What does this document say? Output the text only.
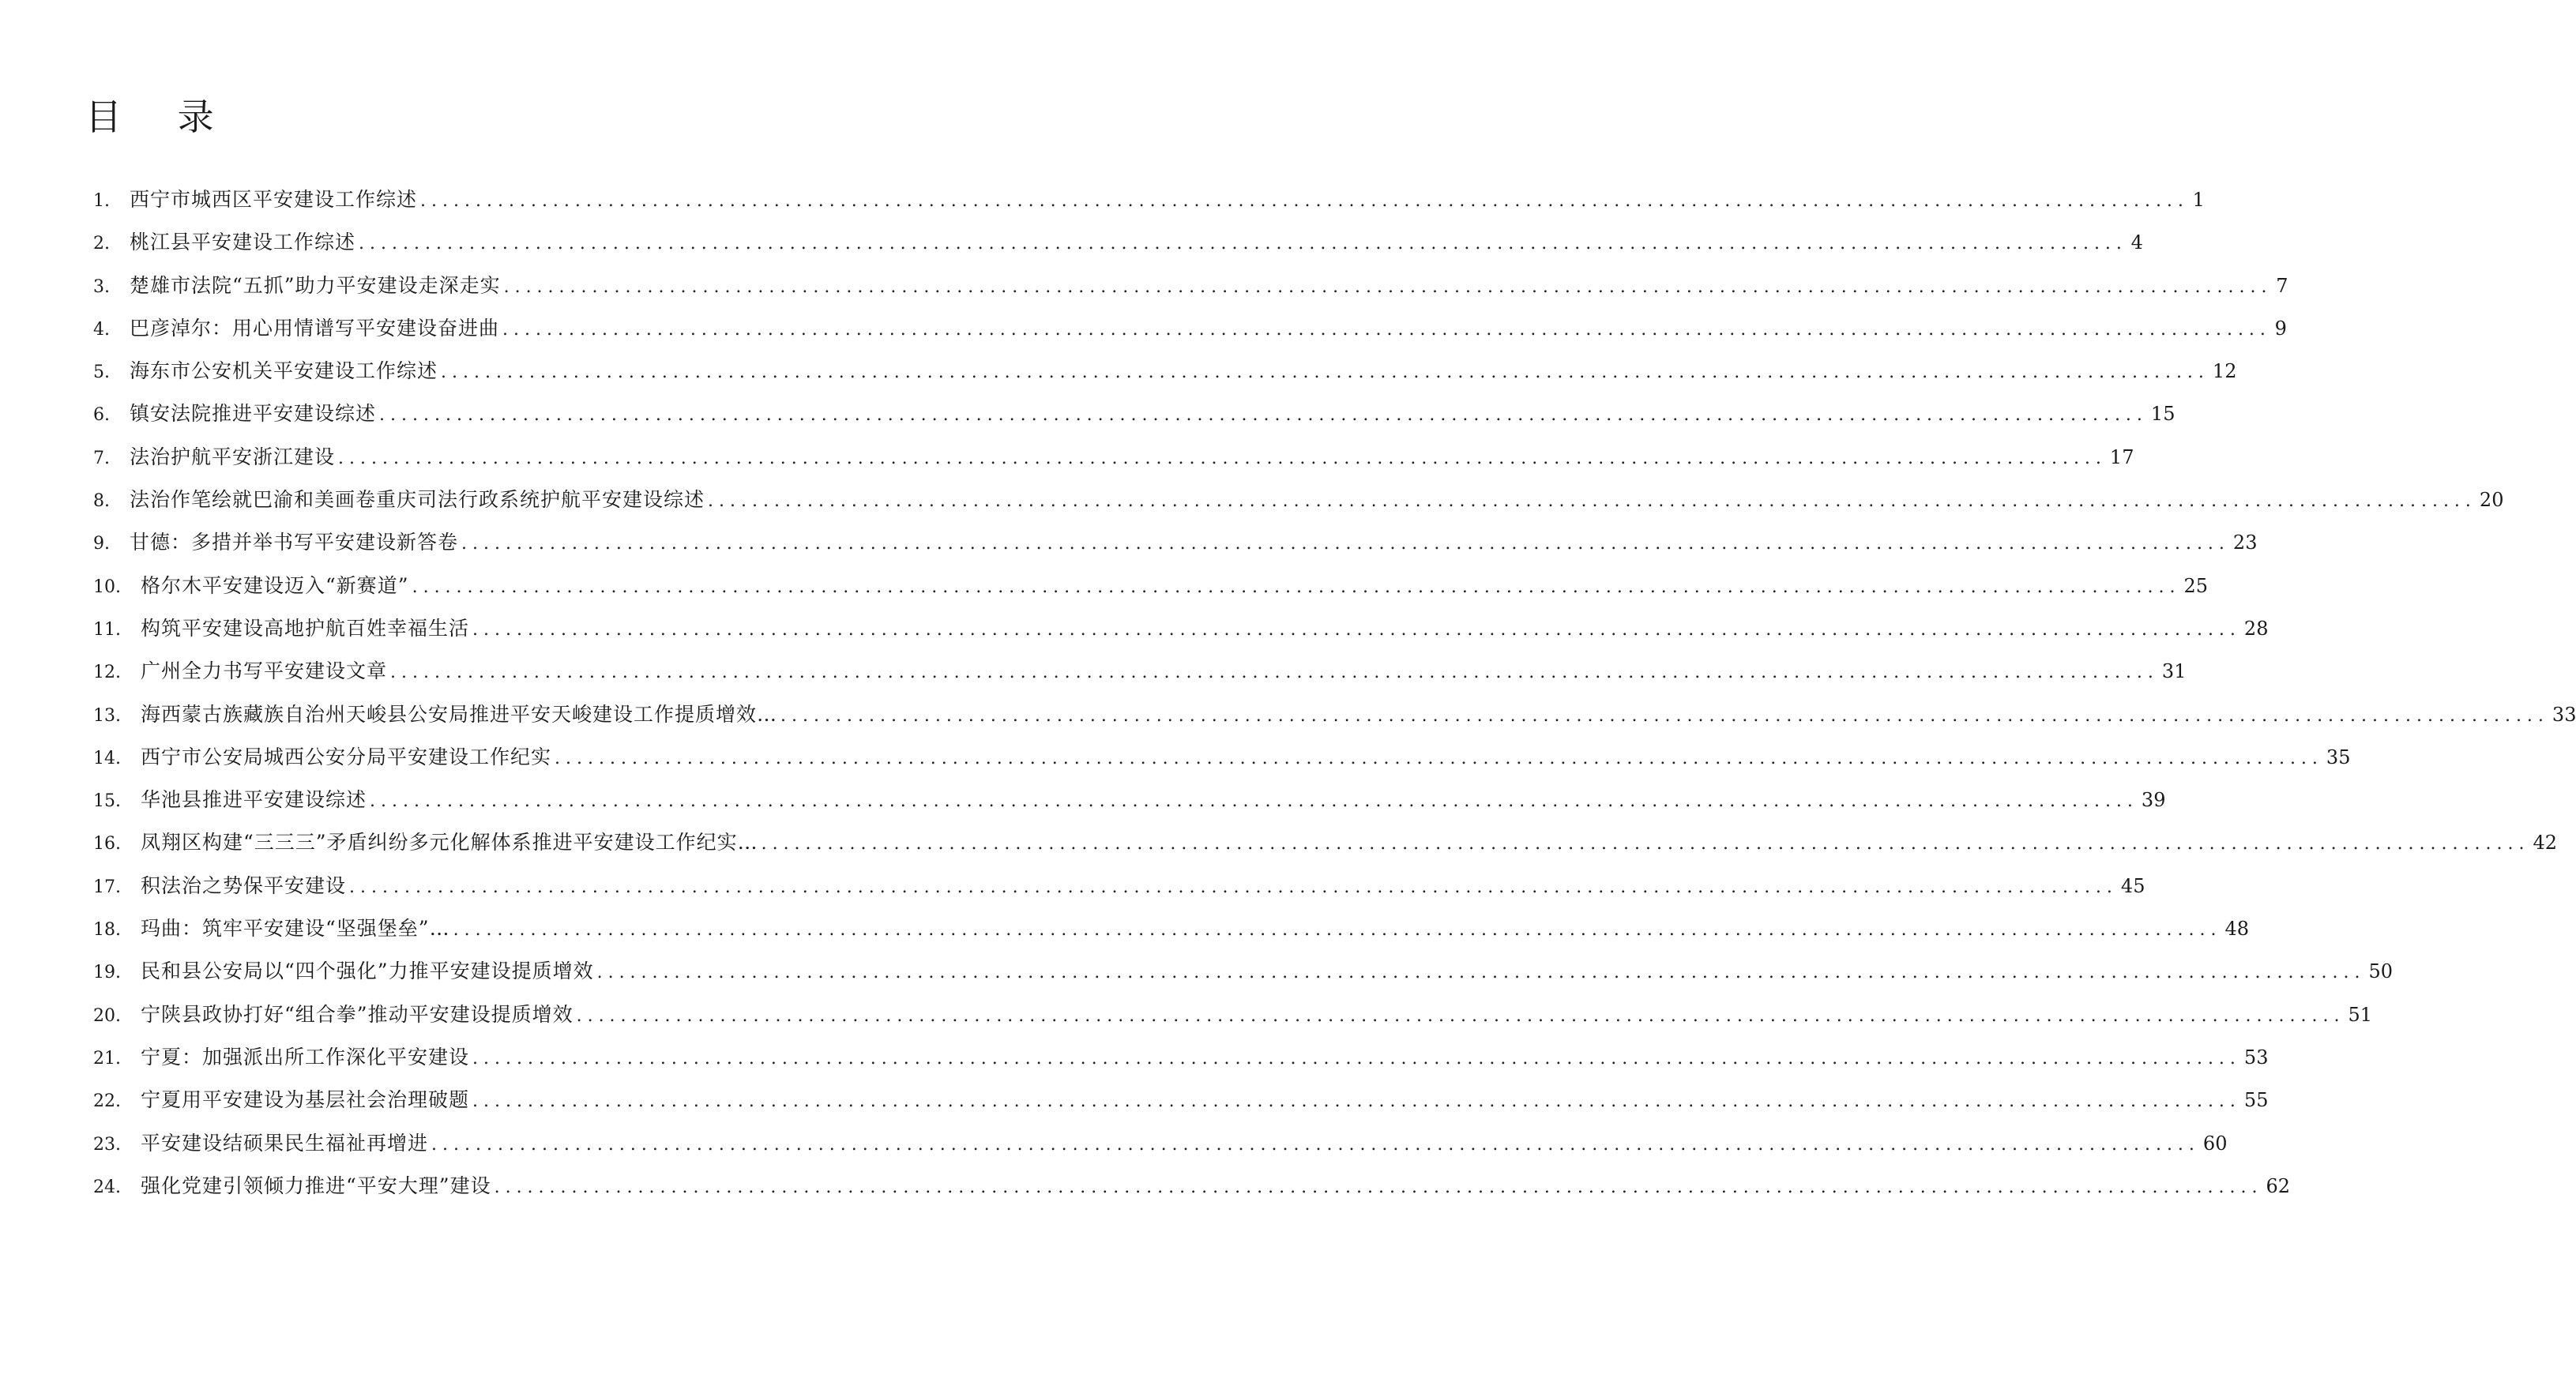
目 录
1.	西宁市城西区平安建设工作综述 .....	1
2.	桃江县平安建设工作综述 .....	4
3.	楚雄市法院“五抓”助力平安建设走深走实 .....	7
4.	巴彦淖尔：用心用情谱写平安建设奋进曲 .....	9
5.	海东市公安机关平安建设工作综述 .....	12
6.	镇安法院推进平安建设综述 .....	15
7.	法治护航平安浙江建设 .....	17
8.	法治作笔绘就巴渝和美画卷重庆司法行政系统护航平安建设综述 .....	20
9.	甘德：多措并举书写平安建设新答卷 .....	23
10.	格尔木平安建设迈入“新赛道” .....	25
11.	构筑平安建设高地护航百姓幸福生活 .....	28
12.	广州全力书写平安建设文章 .....	31
13.	海西蒙古族藏族自治州天峻县公安局推进平安天峻建设工作提质增效… .....	33
14.	西宁市公安局城西公安分局平安建设工作纪实 .....	35
15.	华池县推进平安建设综述 .....	39
16.	凤翔区构建“三三三”矛盾纠纷多元化解体系推进平安建设工作纪实… .....	42
17.	积法治之势保平安建设 .....	45
18.	玛曲：筑牢平安建设“坚强堡垒”… .....	48
19.	民和县公安局以“四个强化”力推平安建设提质增效 .....	50
20.	宁陕县政协打好“组合拳”推动平安建设提质增效 .....	51
21.	宁夏：加强派出所工作深化平安建设 .....	53
22.	宁夏用平安建设为基层社会治理破题 .....	55
23.	平安建设结硕果民生福祉再增进 .....	60
24.	强化党建引领倾力推进“平安大理”建设 .....	62
